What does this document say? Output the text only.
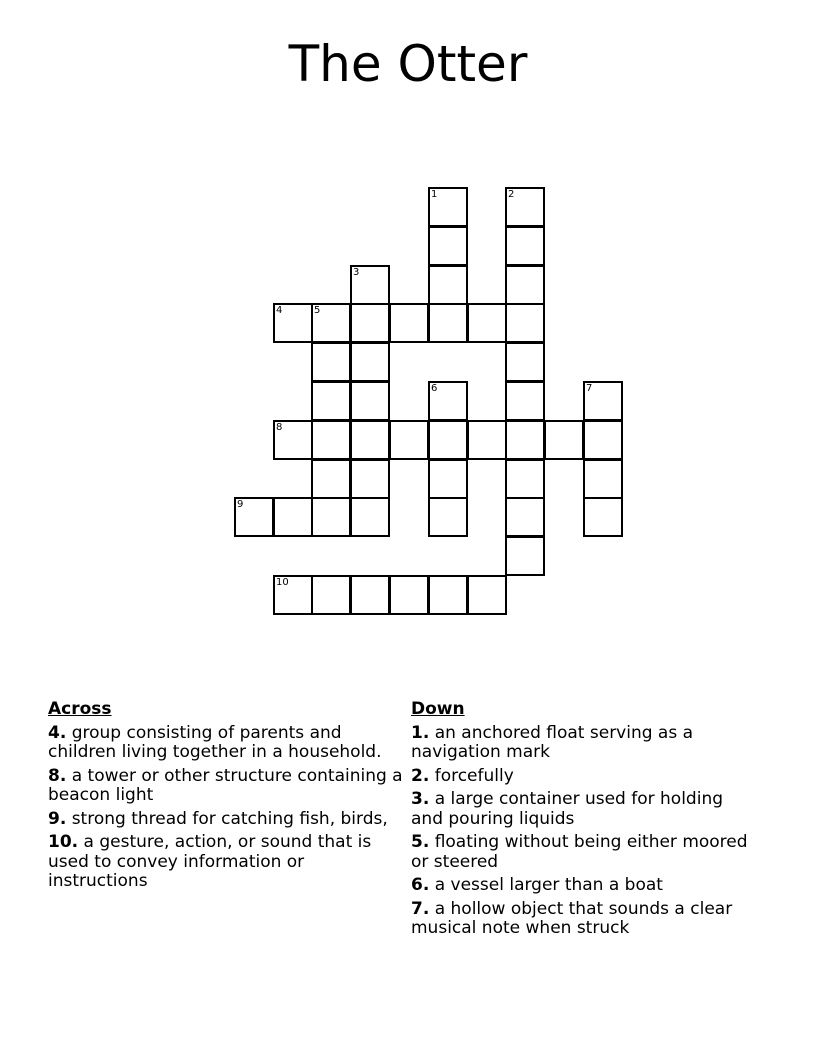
The Otter
1	2
3
4	5
6	7
8
9
10
Across
4. group consisting of parents and children living together in a household.
8. a tower or other structure containing a beacon light
9. strong thread for catching fish, birds,
10. a gesture, action, or sound that is used to convey information or instructions
Down
1. an anchored float serving as a navigation mark
2. forcefully
3. a large container used for holding and pouring liquids
5. floating without being either moored or steered
6. a vessel larger than a boat
7. a hollow object that sounds a clear musical note when struck
